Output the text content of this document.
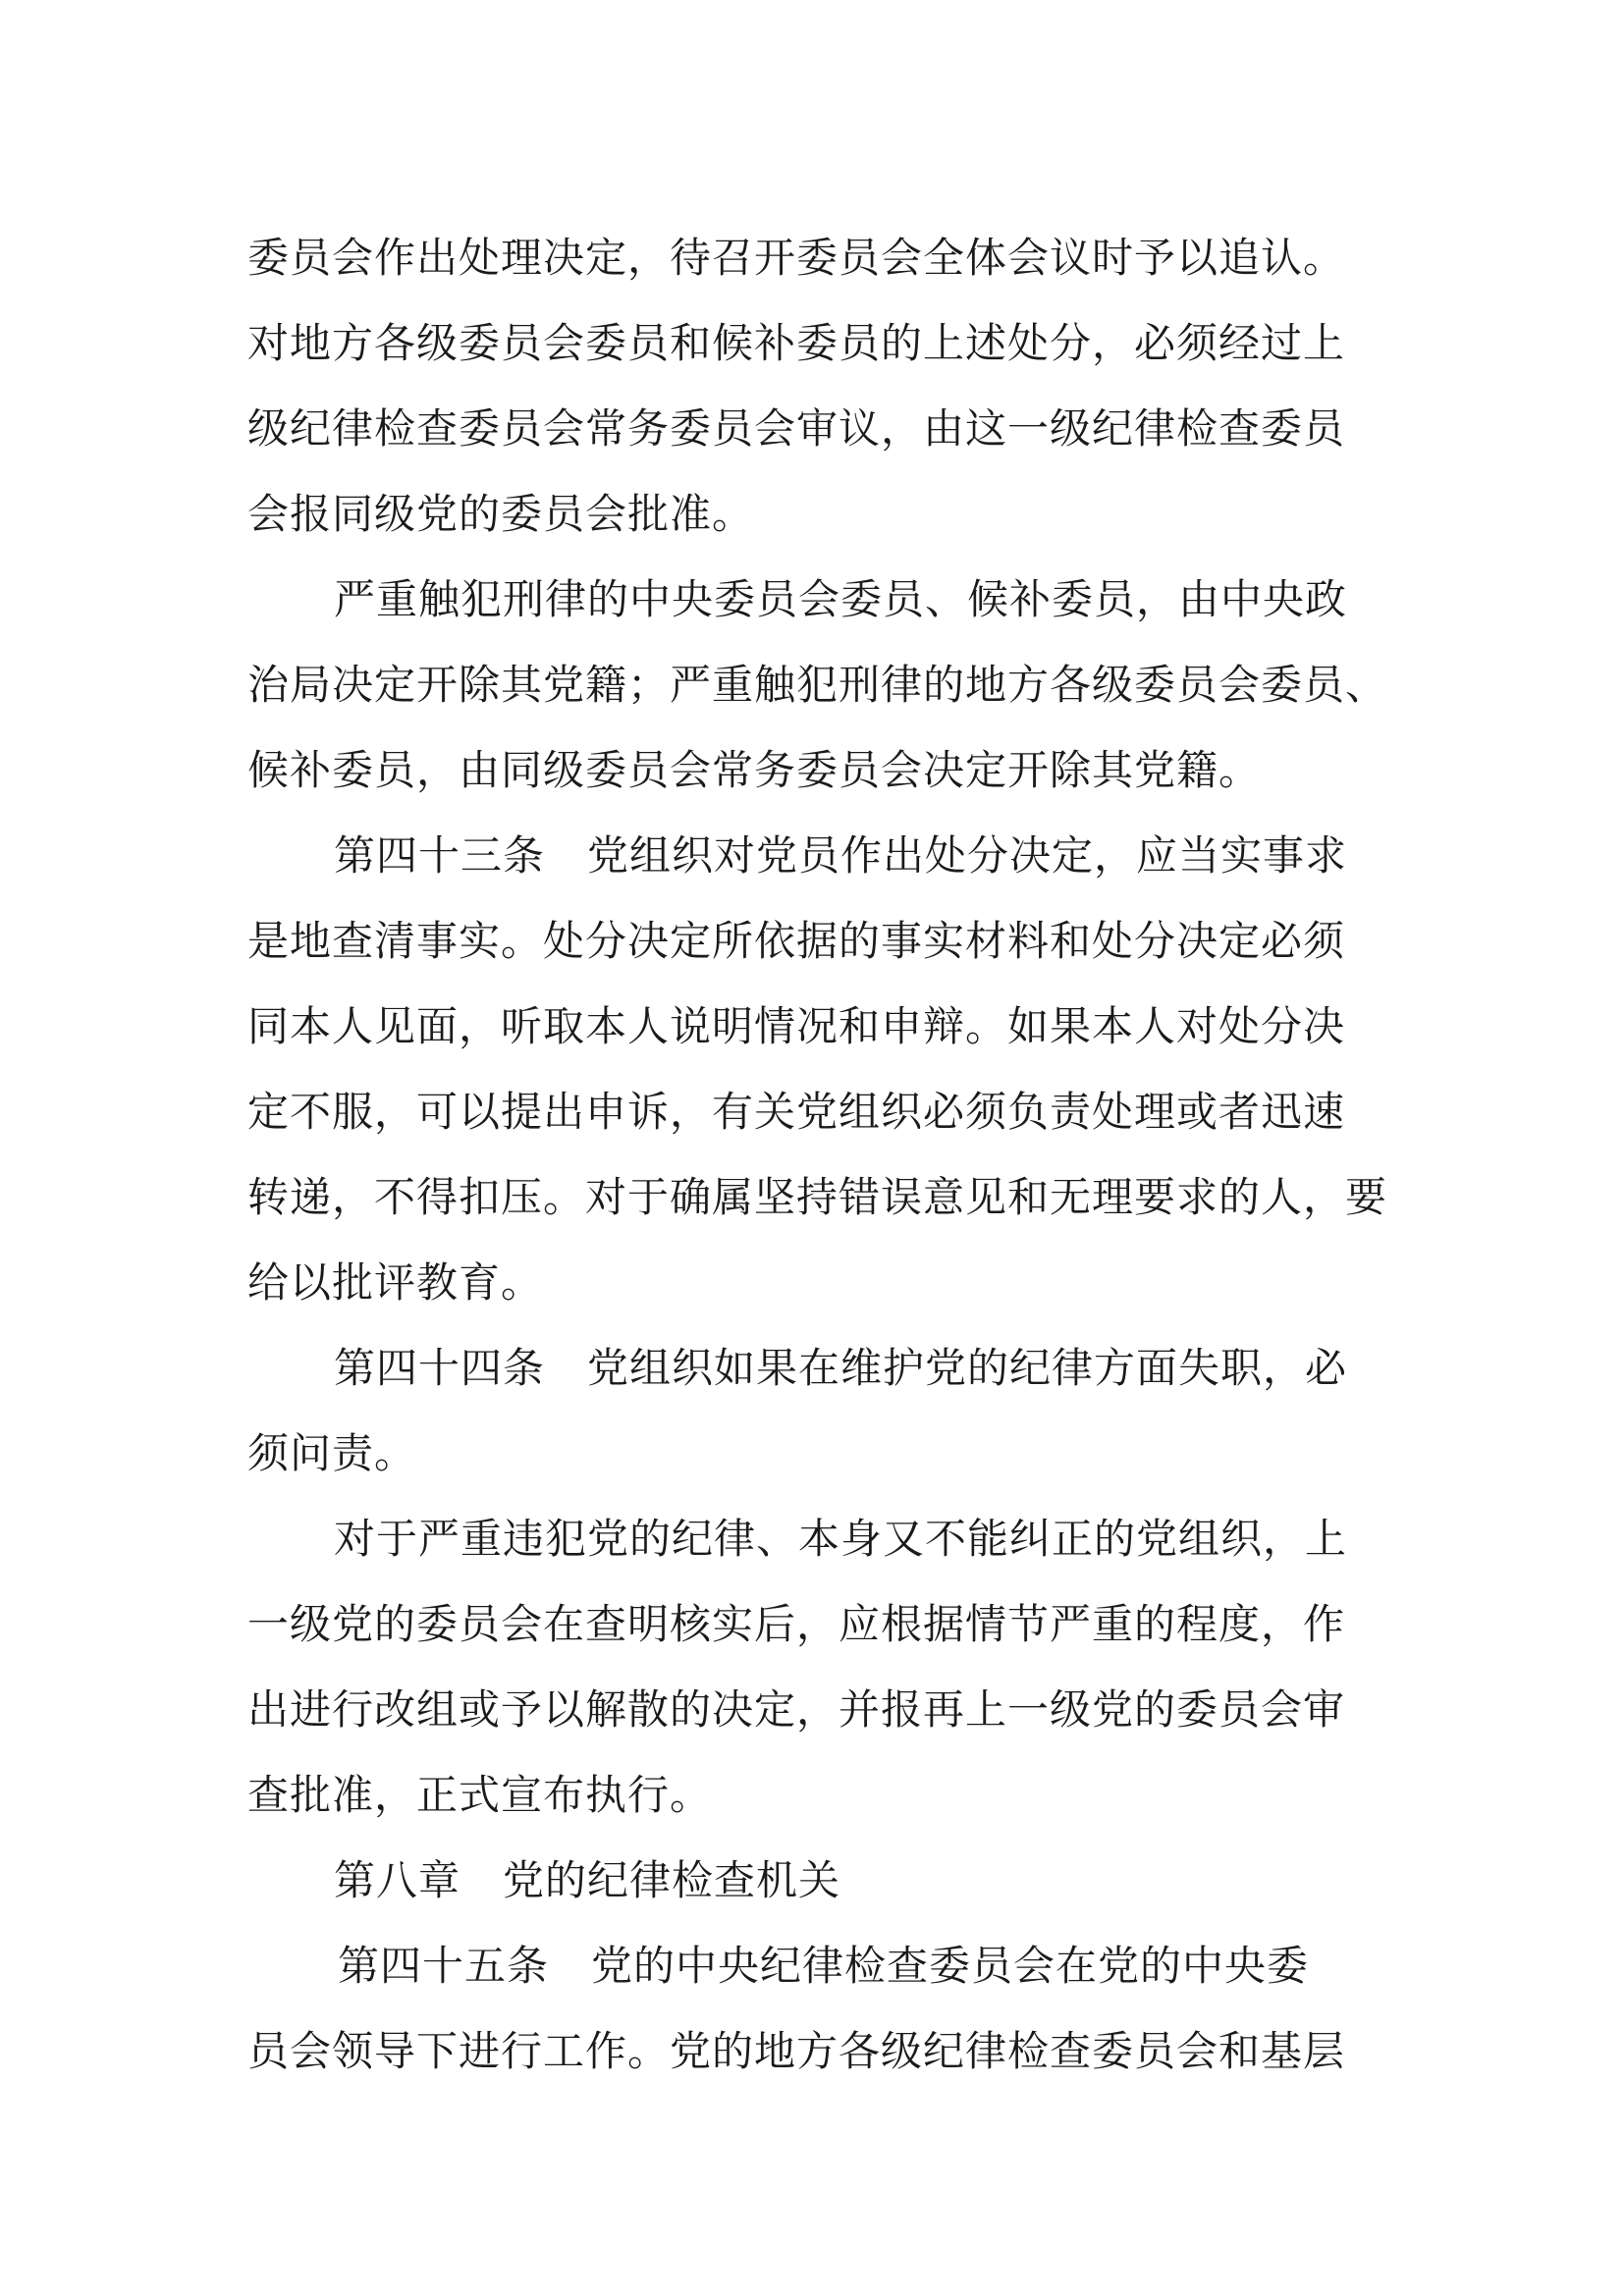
委员会作出处理决定，待召开委员会全体会议时予以追认。
对地方各级委员会委员和候补委员的上述处分，必须经过上
级纪律检查委员会常务委员会审议，由这一级纪律检查委员
会报同级党的委员会批准。
严重触犯刑律的中央委员会委员、候补委员，由中央政
治局决定开除其党籍；严重触犯刑律的地方各级委员会委员、
候补委员，由同级委员会常务委员会决定开除其党籍。
第四十三条　党组织对党员作出处分决定，应当实事求
是地查清事实。处分决定所依据的事实材料和处分决定必须
同本人见面，听取本人说明情况和申辩。如果本人对处分决
定不服，可以提出申诉，有关党组织必须负责处理或者迅速
转递，不得扣压。对于确属坚持错误意见和无理要求的人，要
给以批评教育。
第四十四条　党组织如果在维护党的纪律方面失职，必
须问责。
对于严重违犯党的纪律、本身又不能纠正的党组织，上
一级党的委员会在查明核实后，应根据情节严重的程度，作
出进行改组或予以解散的决定，并报再上一级党的委员会审
查批准，正式宣布执行。
第八章　党的纪律检查机关
第四十五条　党的中央纪律检查委员会在党的中央委
员会领导下进行工作。党的地方各级纪律检查委员会和基层
